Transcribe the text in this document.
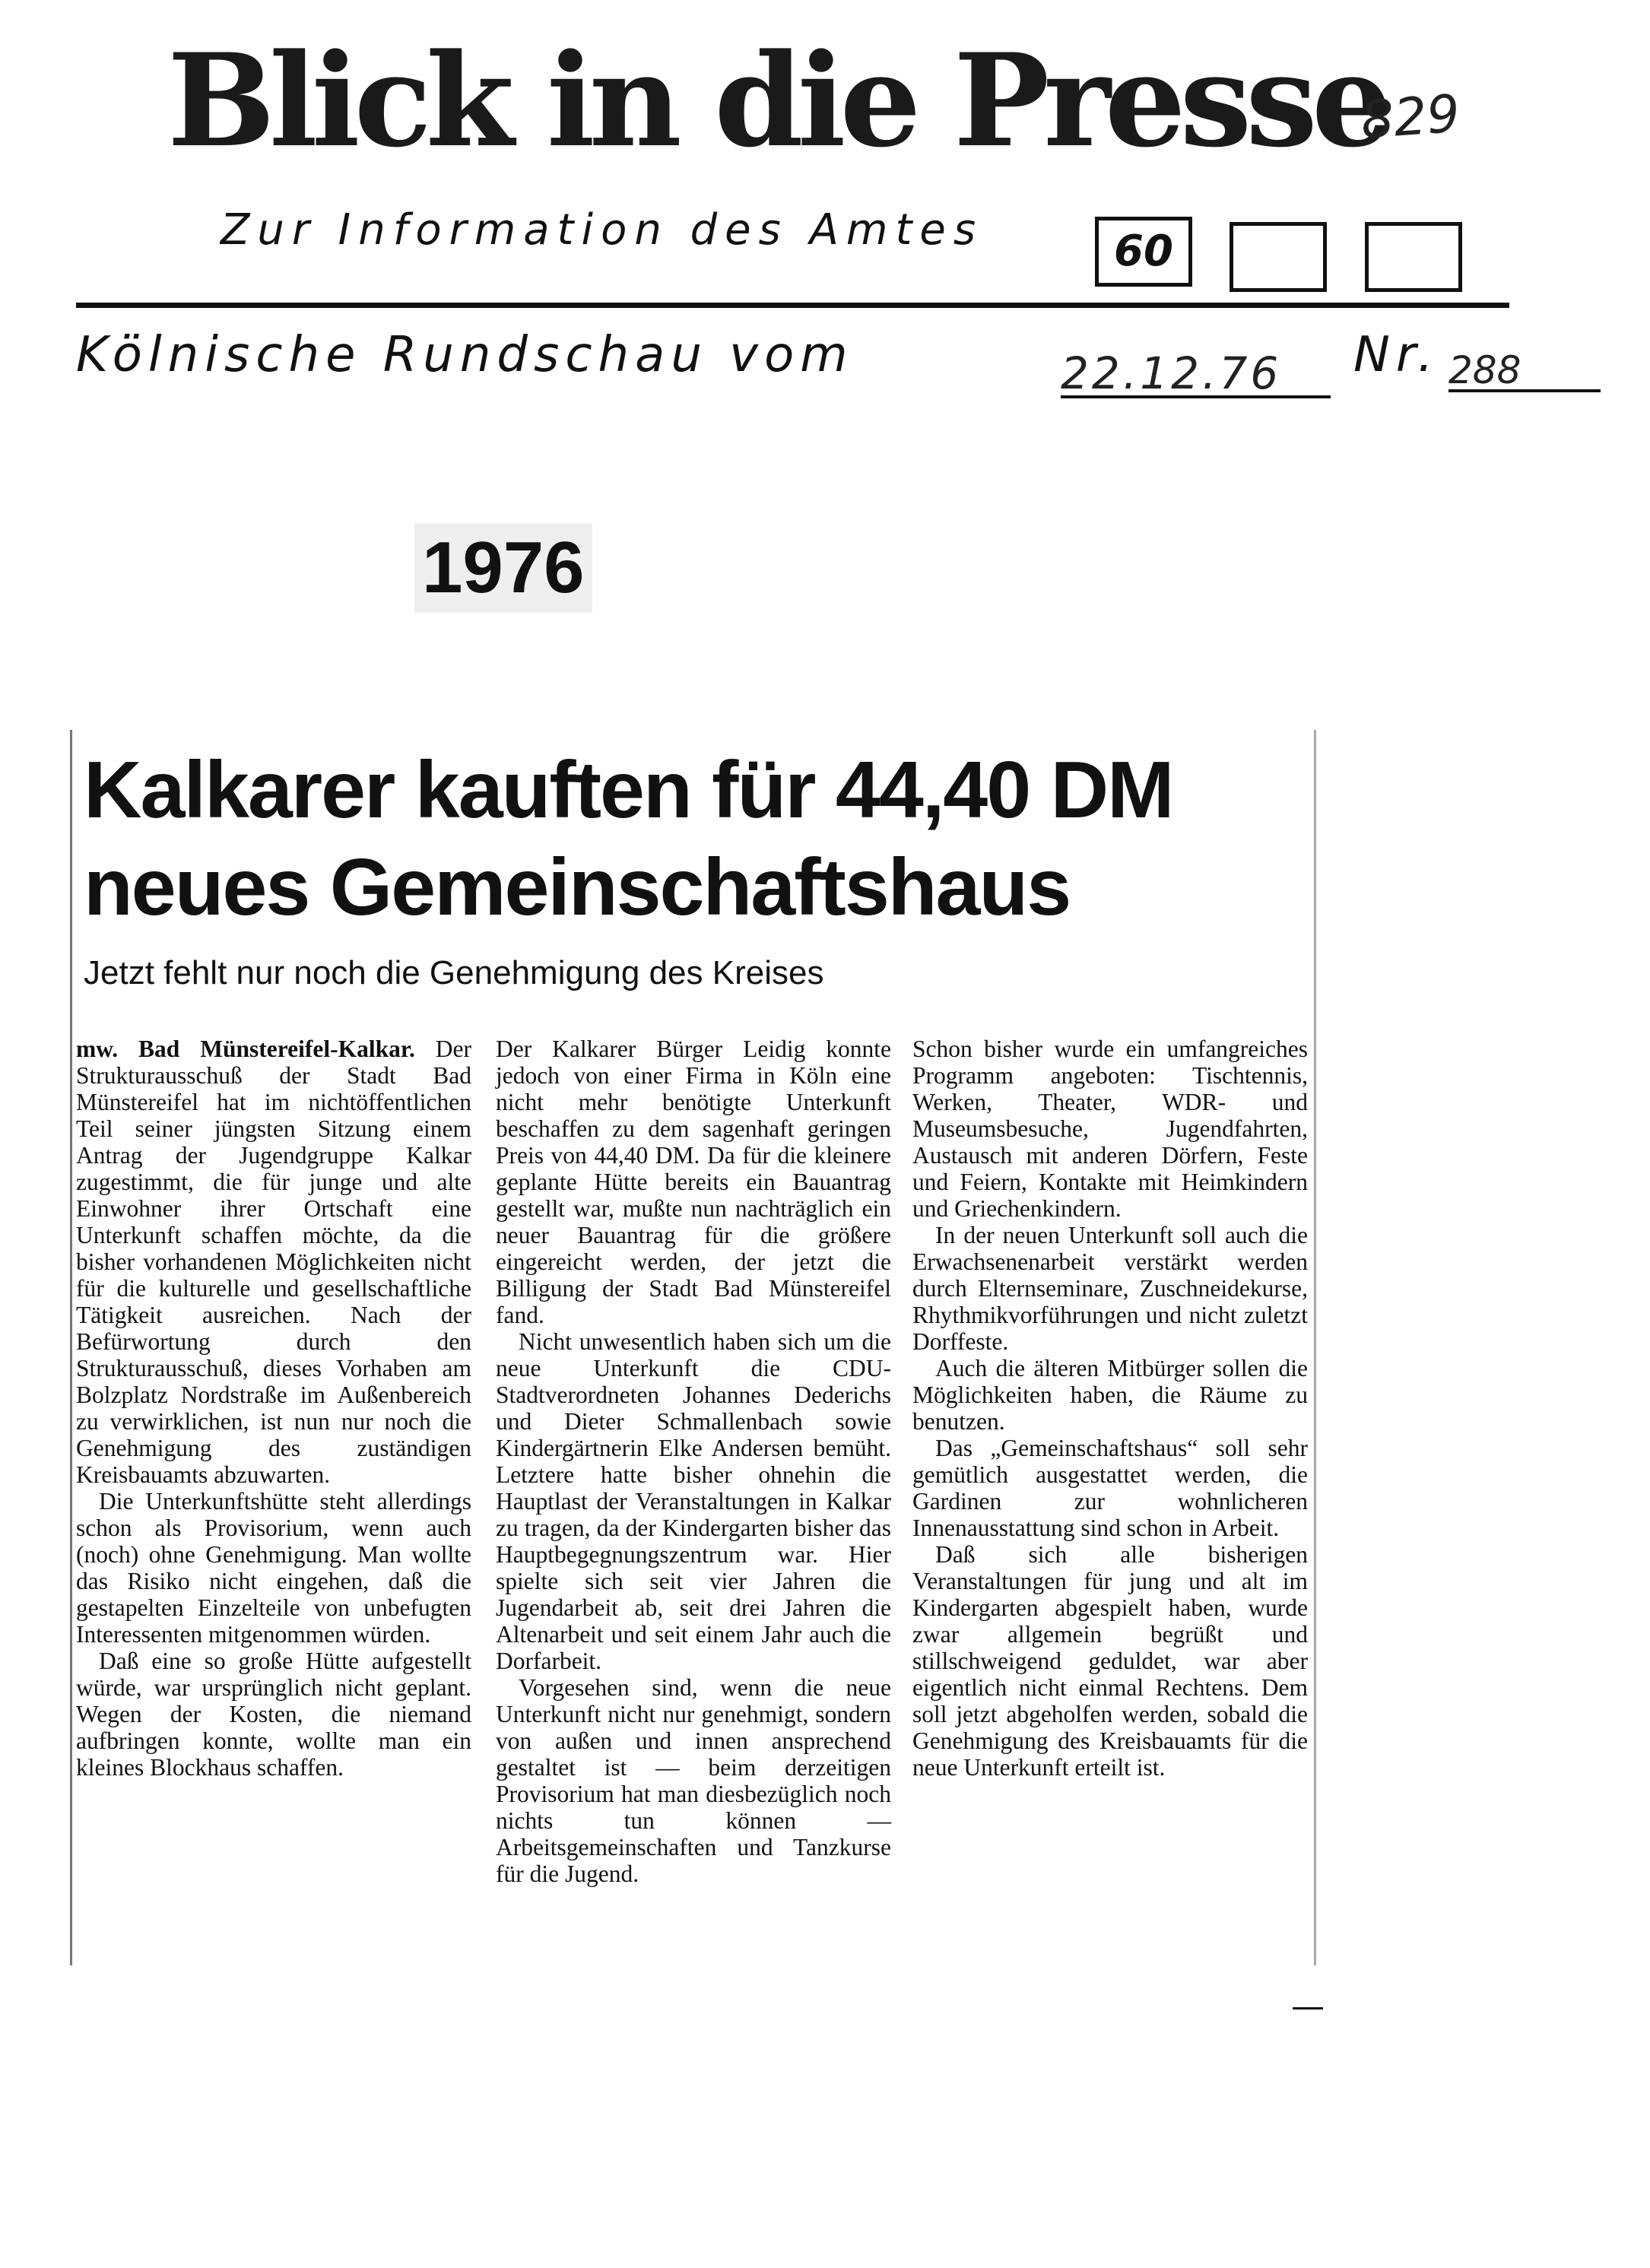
Blick in die Presse
829
Zur Information des Amtes	60
Kölnische Rundschau vom	22.12.76	Nr. 288
1976
Kalkarer kauften für 44,40 DM
neues Gemeinschaftshaus
Jetzt fehlt nur noch die Genehmigung des Kreises

mw. Bad Münstereifel-Kalkar. Der Strukturausschuß der Stadt Bad Münstereifel hat im nichtöffentlichen Teil seiner jüngsten Sitzung einem Antrag der Jugendgruppe Kalkar zugestimmt, die für junge und alte Einwohner ihrer Ortschaft eine Unterkunft schaffen möchte, da die bisher vorhandenen Möglichkeiten nicht für die kulturelle und gesellschaftliche Tätigkeit ausreichen. Nach der Befürwortung durch den Strukturausschuß, dieses Vorhaben am Bolzplatz Nordstraße im Außenbereich zu verwirklichen, ist nun nur noch die Genehmigung des zuständigen Kreisbauamts abzuwarten.

Die Unterkunftshütte steht allerdings schon als Provisorium, wenn auch (noch) ohne Genehmigung. Man wollte das Risiko nicht eingehen, daß die gestapelten Einzelteile von unbefugten Interessenten mitgenommen würden.

Daß eine so große Hütte aufgestellt würde, war ursprünglich nicht geplant. Wegen der Kosten, die niemand aufbringen konnte, wollte man ein kleines Blockhaus schaffen.

Der Kalkarer Bürger Leidig konnte jedoch von einer Firma in Köln eine nicht mehr benötigte Unterkunft beschaffen zu dem sagenhaft geringen Preis von 44,40 DM. Da für die kleinere geplante Hütte bereits ein Bauantrag gestellt war, mußte nun nachträglich ein neuer Bauantrag für die größere eingereicht werden, der jetzt die Billigung der Stadt Bad Münstereifel fand.

Nicht unwesentlich haben sich um die neue Unterkunft die CDU-Stadtverordneten Johannes Dederichs und Dieter Schmallenbach sowie Kindergärtnerin Elke Andersen bemüht. Letztere hatte bisher ohnehin die Hauptlast der Veranstaltungen in Kalkar zu tragen, da der Kindergarten bisher das Hauptbegegnungszentrum war. Hier spielte sich seit vier Jahren die Jugendarbeit ab, seit drei Jahren die Altenarbeit und seit einem Jahr auch die Dorfarbeit.

Vorgesehen sind, wenn die neue Unterkunft nicht nur genehmigt, sondern von außen und innen ansprechend gestaltet ist — beim derzeitigen Provisorium hat man diesbezüglich noch nichts tun können — Arbeitsgemeinschaften und Tanzkurse für die Jugend.

Schon bisher wurde ein umfangreiches Programm angeboten: Tischtennis, Werken, Theater, WDR- und Museumsbesuche, Jugendfahrten, Austausch mit anderen Dörfern, Feste und Feiern, Kontakte mit Heimkindern und Griechenkindern.

In der neuen Unterkunft soll auch die Erwachsenenarbeit verstärkt werden durch Elternseminare, Zuschneidekurse, Rhythmikvorführungen und nicht zuletzt Dorffeste.

Auch die älteren Mitbürger sollen die Möglichkeiten haben, die Räume zu benutzen.

Das „Gemeinschaftshaus“ soll sehr gemütlich ausgestattet werden, die Gardinen zur wohnlicheren Innenausstattung sind schon in Arbeit.

Daß sich alle bisherigen Veranstaltungen für jung und alt im Kindergarten abgespielt haben, wurde zwar allgemein begrüßt und stillschweigend geduldet, war aber eigentlich nicht einmal Rechtens. Dem soll jetzt abgeholfen werden, sobald die Genehmigung des Kreisbauamts für die neue Unterkunft erteilt ist.
